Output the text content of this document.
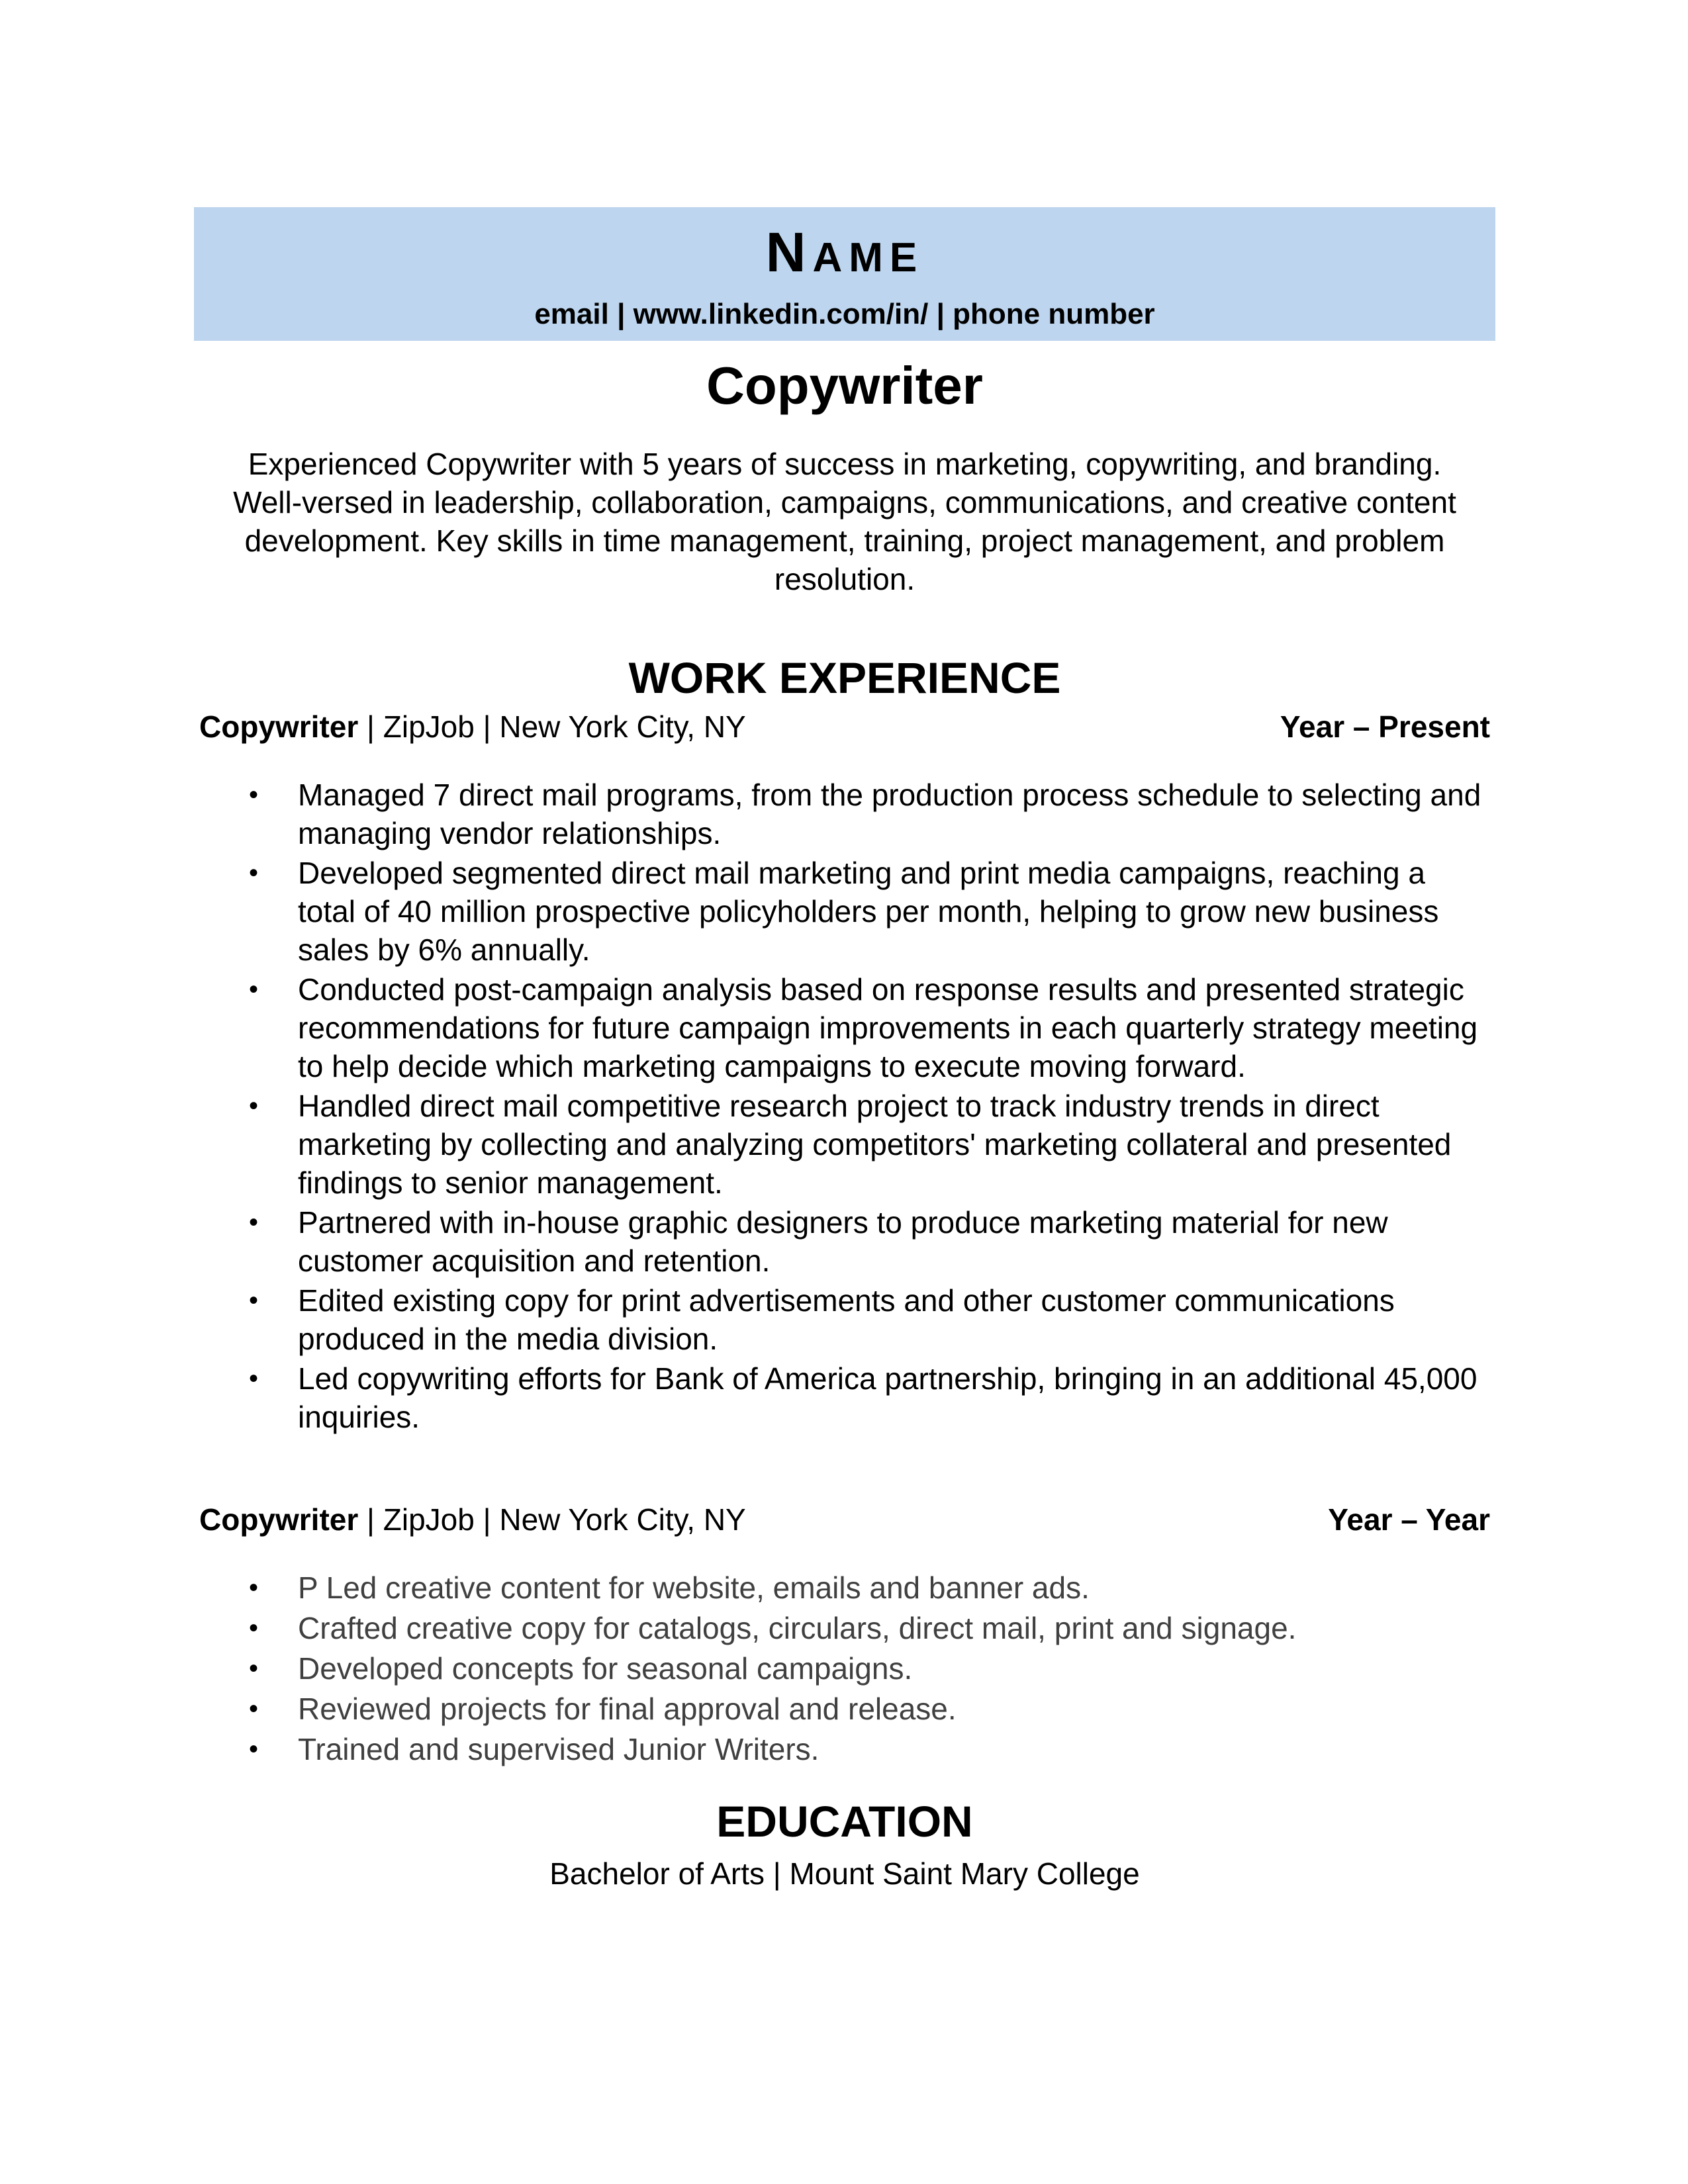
NAME
email | www.linkedin.com/in/ | phone number
Copywriter
Experienced Copywriter with 5 years of success in marketing, copywriting, and branding. Well-versed in leadership, collaboration, campaigns, communications, and creative content development. Key skills in time management, training, project management, and problem resolution.
WORK EXPERIENCE
Copywriter | ZipJob | New York City, NY	Year – Present
• Managed 7 direct mail programs, from the production process schedule to selecting and managing vendor relationships.
• Developed segmented direct mail marketing and print media campaigns, reaching a total of 40 million prospective policyholders per month, helping to grow new business sales by 6% annually.
• Conducted post-campaign analysis based on response results and presented strategic recommendations for future campaign improvements in each quarterly strategy meeting to help decide which marketing campaigns to execute moving forward.
• Handled direct mail competitive research project to track industry trends in direct marketing by collecting and analyzing competitors' marketing collateral and presented findings to senior management.
• Partnered with in-house graphic designers to produce marketing material for new customer acquisition and retention.
• Edited existing copy for print advertisements and other customer communications produced in the media division.
• Led copywriting efforts for Bank of America partnership, bringing in an additional 45,000 inquiries.
Copywriter | ZipJob | New York City, NY	Year – Year
• P Led creative content for website, emails and banner ads.
• Crafted creative copy for catalogs, circulars, direct mail, print and signage.
• Developed concepts for seasonal campaigns.
• Reviewed projects for final approval and release.
• Trained and supervised Junior Writers.
EDUCATION
Bachelor of Arts | Mount Saint Mary College
